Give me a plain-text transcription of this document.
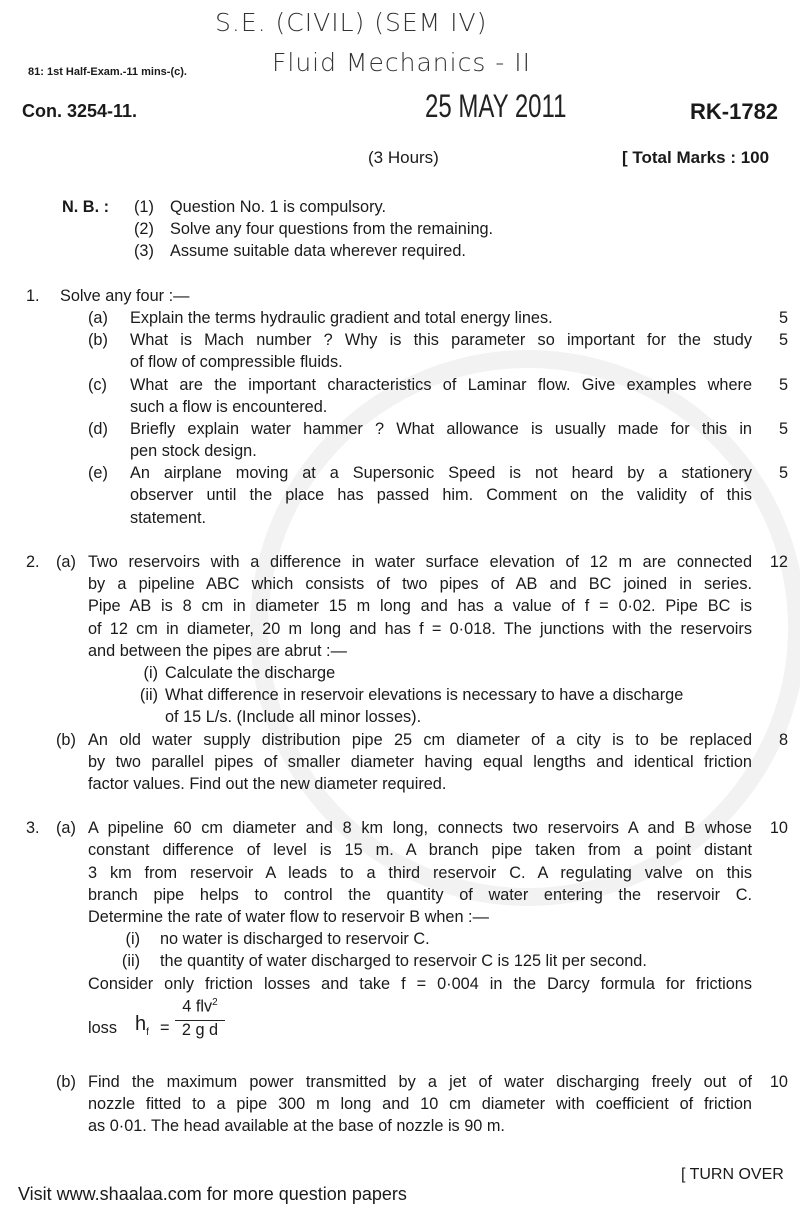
S.E. (CIVIL) (SEM IV)
Fluid Mechanics - II
81: 1st Half-Exam.-11 mins-(c).
Con. 3254-11.	25 MAY 2011	RK-1782
(3 Hours)	[ Total Marks : 100
N. B. : (1) Question No. 1 is compulsory.
(2) Solve any four questions from the remaining.
(3) Assume suitable data wherever required.
1. Solve any four :—
(a) Explain the terms hydraulic gradient and total energy lines.	5
(b) What is Mach number ? Why is this parameter so important for the study 5
of flow of compressible fluids.
(c) What are the important characteristics of Laminar flow. Give examples where 5
such a flow is encountered.
(d) Briefly explain water hammer ? What allowance is usually made for this in 5
pen stock design.
(e) An airplane moving at a Supersonic Speed is not heard by a stationery 5
observer until the place has passed him. Comment on the validity of this
statement.
2. (a) Two reservoirs with a difference in water surface elevation of 12 m are connected 12
by a pipeline ABC which consists of two pipes of AB and BC joined in series.
Pipe AB is 8 cm in diameter 15 m long and has a value of f = 0·02. Pipe BC is
of 12 cm in diameter, 20 m long and has f = 0·018. The junctions with the reservoirs
and between the pipes are abrut :—
(i) Calculate the discharge
(ii) What difference in reservoir elevations is necessary to have a discharge
of 15 L/s. (Include all minor losses).
(b) An old water supply distribution pipe 25 cm diameter of a city is to be replaced 8
by two parallel pipes of smaller diameter having equal lengths and identical friction
factor values. Find out the new diameter required.
3. (a) A pipeline 60 cm diameter and 8 km long, connects two reservoirs A and B whose 10
constant difference of level is 15 m. A branch pipe taken from a point distant
3 km from reservoir A leads to a third reservoir C. A regulating valve on this
branch pipe helps to control the quantity of water entering the reservoir C.
Determine the rate of water flow to reservoir B when :—
(i) no water is discharged to reservoir C.
(ii) the quantity of water discharged to reservoir C is 125 lit per second.
Consider only friction losses and take f = 0·004 in the Darcy formula for frictions
loss $h_f$ =
4 flv$^2$
2 g d
(b) Find the maximum power transmitted by a jet of water discharging freely out of 10
nozzle fitted to a pipe 300 m long and 10 cm diameter with coefficient of friction
as 0·01. The head available at the base of nozzle is 90 m.
[ TURN OVER
Visit www.shaalaa.com for more question papers
